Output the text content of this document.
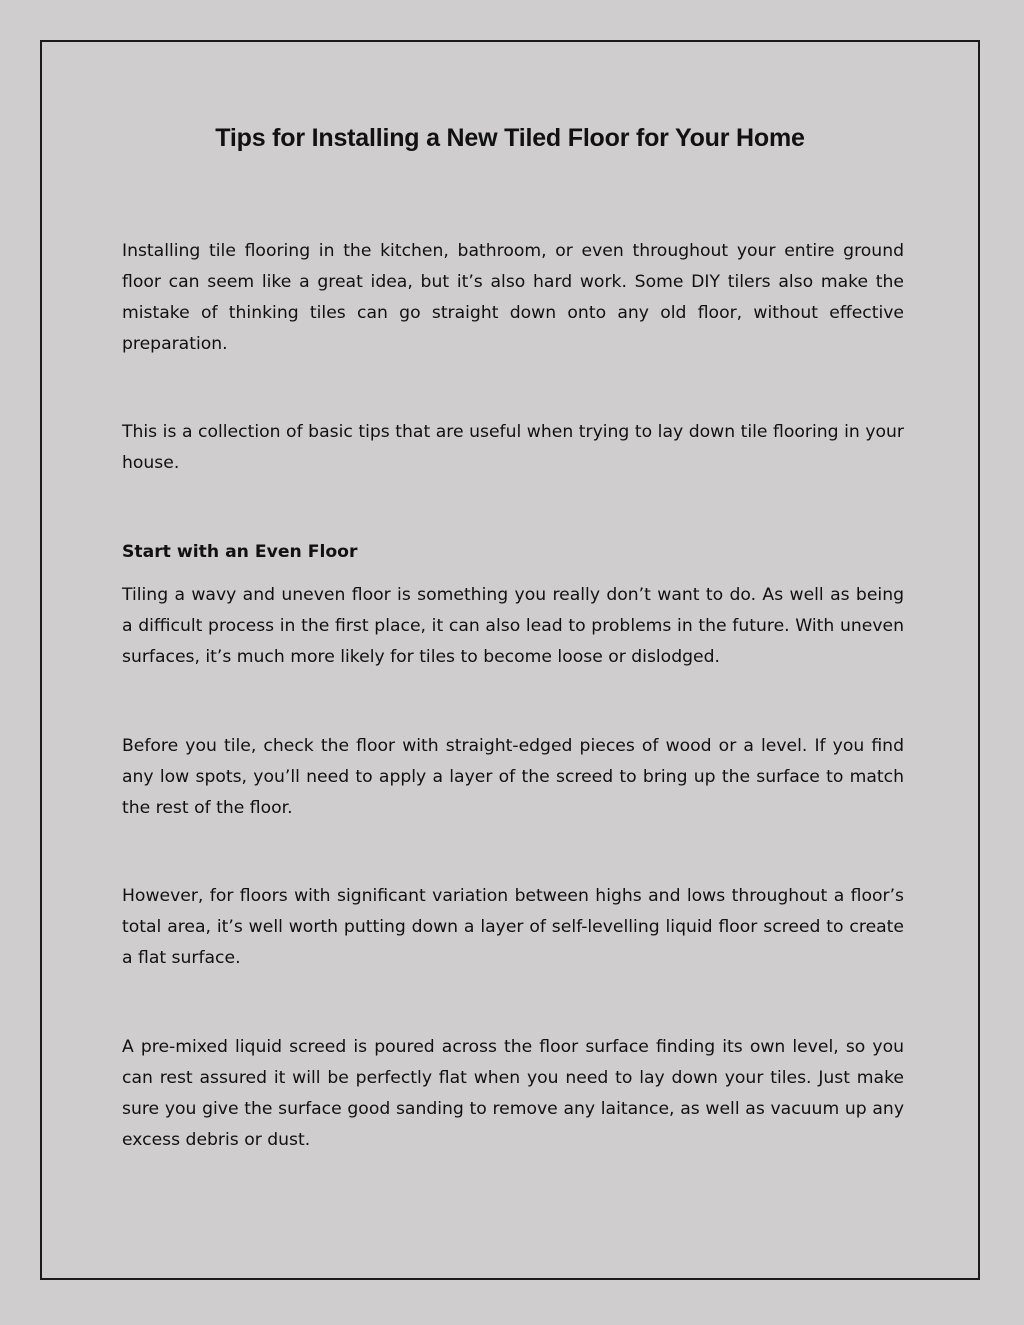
Tips for Installing a New Tiled Floor for Your Home

Installing tile flooring in the kitchen, bathroom, or even throughout your entire ground floor can seem like a great idea, but it’s also hard work. Some DIY tilers also make the mistake of thinking tiles can go straight down onto any old floor, without effective preparation.

This is a collection of basic tips that are useful when trying to lay down tile flooring in your house.

Start with an Even Floor

Tiling a wavy and uneven floor is something you really don’t want to do. As well as being a difficult process in the first place, it can also lead to problems in the future. With uneven surfaces, it’s much more likely for tiles to become loose or dislodged.

Before you tile, check the floor with straight-edged pieces of wood or a level. If you find any low spots, you’ll need to apply a layer of the screed to bring up the surface to match the rest of the floor.

However, for floors with significant variation between highs and lows throughout a floor’s total area, it’s well worth putting down a layer of self-levelling liquid floor screed to create a flat surface.

A pre-mixed liquid screed is poured across the floor surface finding its own level, so you can rest assured it will be perfectly flat when you need to lay down your tiles. Just make sure you give the surface good sanding to remove any laitance, as well as vacuum up any excess debris or dust.
